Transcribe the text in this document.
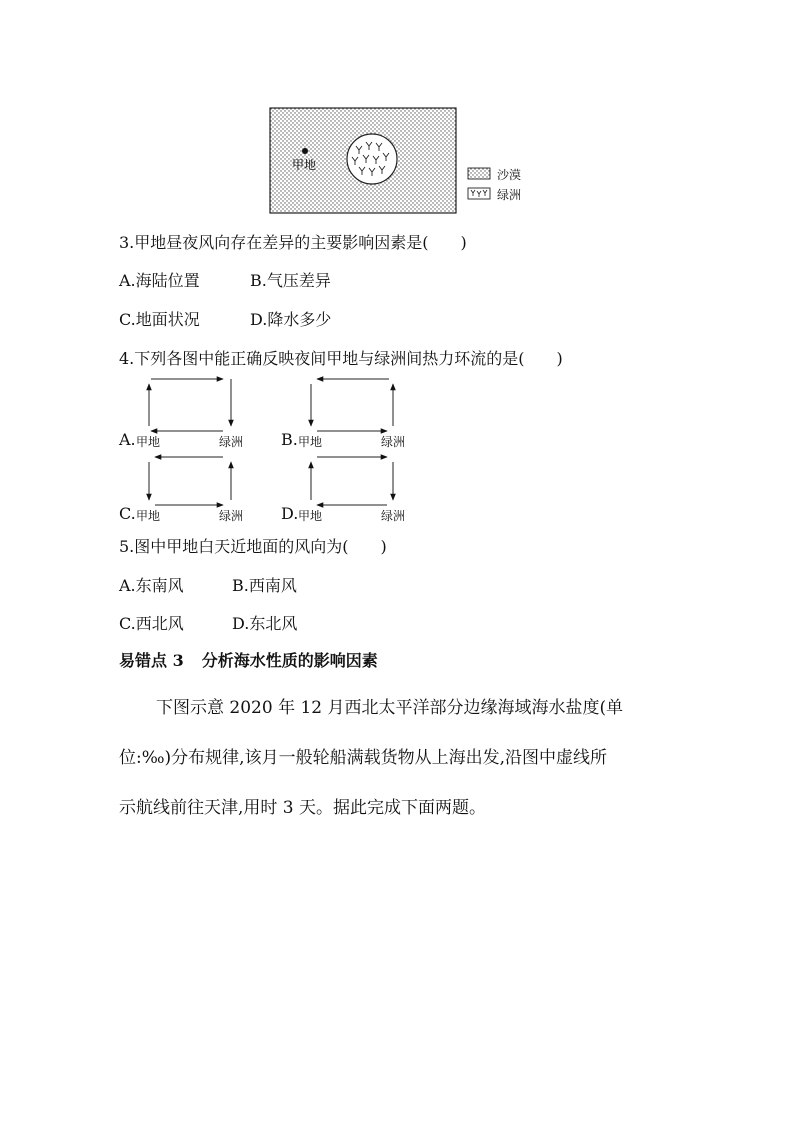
甲地
沙漠
绿洲
3.甲地昼夜风向存在差异的主要影响因素是(　　)
A.海陆位置	B.气压差异
C.地面状况	D.降水多少
4.下列各图中能正确反映夜间甲地与绿洲间热力环流的是(　　)
A. 甲地	绿洲 B. 甲地	绿洲
C. 甲地	绿洲 D. 甲地	绿洲
5.图中甲地白天近地面的风向为(　　)
A.东南风	B.西南风
C.西北风	D.东北风
易错点 3 分析海水性质的影响因素
下图示意 2020 年 12 月西北太平洋部分边缘海域海水盐度(单
位:‰)分布规律,该月一般轮船满载货物从上海出发,沿图中虚线所
示航线前往天津,用时 3 天。据此完成下面两题。
